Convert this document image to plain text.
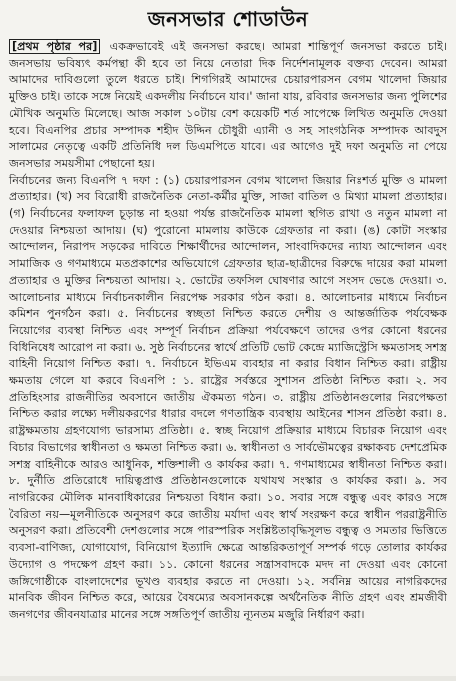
জনসভার শোডাউন

[প্রথম পৃষ্ঠার পর] একক্রভাবেই এই জনসভা করছে। আমরা শান্তিপূর্ণ জনসভা করতে চাই। জনসভায় ভবিষ্যৎ কর্মপন্থা কী হবে তা নিয়ে নেতারা দিক নির্দেশনামূলক বক্তব্য দেবেন। আমরা আমাদের দাবিগুলো তুলে ধরতে চাই। শিগগিরই আমাদের চেয়ারপারসন বেগম খালেদা জিয়ার মুক্তিও চাই। তাকে সঙ্গে নিয়েই একদলীয় নির্বাচনে যাব।' জানা যায়, রবিবার জনসভার জন্য পুলিশের মৌখিক অনুমতি মিলেছে। আজ সকাল ১০টায় বেশ কয়েকটি শর্ত সাপেক্ষে লিখিত অনুমতি দেওয়া হবে। বিএনপির প্রচার সম্পাদক শহীদ উদ্দিন চৌধুরী এ্যানী ও সহ সাংগঠনিক সম্পাদক আবদুস সালামের নেতৃত্বে একটি প্রতিনিধি দল ডিএমপিতে যাবে। এর আগেও দুই দফা অনুমতি না পেয়ে জনসভার সময়সীমা পেছানো হয়।

নির্বাচনের জন্য বিএনপি ৭ দফা : (১) চেয়ারপারসন বেগম খালেদা জিয়ার নিঃশর্ত মুক্তি ও মামলা প্রত্যাহার। (খ) সব বিরোধী রাজনৈতিক নেতা-কর্মীর মুক্তি, সাজা বাতিল ও মিথ্যা মামলা প্রত্যাহার। (গ) নির্বাচনের ফলাফল চূড়ান্ত না হওয়া পর্যন্ত রাজনৈতিক মামলা স্থগিত রাখা ও নতুন মামলা না দেওয়ার নিশ্চয়তা আদায়। (ঘ) পুরোনো মামলায় কাউকে গ্রেফতার না করা। (ঙ) কোটা সংস্কার আন্দোলন, নিরাপদ সড়কের দাবিতে শিক্ষার্থীদের আন্দোলন, সাংবাদিকদের ন্যায্য আন্দোলন এবং সামাজিক ও গণমাধ্যমে মতপ্রকাশের অভিযোগে গ্রেফতার ছাত্র-ছাত্রীদের বিরুদ্ধে দায়ের করা মামলা প্রত্যাহার ও মুক্তির নিশ্চয়তা আদায়। ২. ভোটের তফসিল ঘোষণার আগে সংসদ ভেঙে দেওয়া। ৩. আলোচনার মাধ্যমে নির্বাচনকালীন নিরপেক্ষ সরকার গঠন করা। ৪. আলোচনার মাধ্যমে নির্বাচন কমিশন পুনর্গঠন করা। ৫. নির্বাচনের স্বচ্ছতা নিশ্চিত করতে দেশীয় ও আন্তর্জাতিক পর্যবেক্ষক নিয়োগের ব্যবস্থা নিশ্চিত এবং সম্পূর্ণ নির্বাচন প্রক্রিয়া পর্যবেক্ষণে তাদের ওপর কোনো ধরনের বিধিনিষেধ আরোপ না করা। ৬. সুষ্ঠ নির্বাচনের স্বার্থে প্রতিটি ভোট কেন্দ্রে ম্যাজিস্ট্রেসি ক্ষমতাসহ সশস্ত্র বাহিনী নিয়োগ নিশ্চিত করা। ৭. নির্বাচনে ইভিএম ব্যবহার না করার বিধান নিশ্চিত করা। রাষ্ট্রীয় ক্ষমতায় গেলে যা করবে বিএনপি : ১. রাষ্ট্রের সর্বস্তরে সুশাসন প্রতিষ্ঠা নিশ্চিত করা। ২. সব প্রতিহিংসার রাজনীতির অবসানে জাতীয় ঐকমত্য গঠন। ৩. রাষ্ট্রীয় প্রতিষ্ঠানগুলোর নিরপেক্ষতা নিশ্চিত করার লক্ষ্যে দলীয়করণের ধারার বদলে গণতান্ত্রিক ব্যবস্থায় আইনের শাসন প্রতিষ্ঠা করা। ৪. রাষ্ট্রক্ষমতায় গ্রহণযোগ্য ভারসাম্য প্রতিষ্ঠা। ৫. স্বচ্ছ নিয়োগ প্রক্রিয়ার মাধ্যমে বিচারক নিয়োগ এবং বিচার বিভাগের স্বাধীনতা ও ক্ষমতা নিশ্চিত করা। ৬. স্বাধীনতা ও সার্বভৌমত্বের রক্ষাকবচ দেশপ্রেমিক সশস্ত্র বাহিনীকে আরও আধুনিক, শক্তিশালী ও কার্যকর করা। ৭. গণমাধ্যমের স্বাধীনতা নিশ্চিত করা। ৮. দুর্নীতি প্রতিরোধে দায়িত্বপ্রাপ্ত প্রতিষ্ঠানগুলোকে যথাযথ সংস্কার ও কার্যকর করা। ৯. সব নাগরিকের মৌলিক মানবাধিকারের নিশ্চয়তা বিধান করা। ১০. সবার সঙ্গে বন্ধুত্ব এবং কারও সঙ্গে বৈরিতা নয়—মূলনীতিকে অনুসরণ করে জাতীয় মর্যাদা এবং স্বার্থ সংরক্ষণ করে স্বাধীন পররাষ্ট্রনীতি অনুসরণ করা। প্রতিবেশী দেশগুলোর সঙ্গে পারস্পরিক সংশ্লিষ্টতাবৃদ্ধিসূলভ বন্ধুত্ব ও সমতার ভিত্তিতে ব্যবসা-বাণিজ্য, যোগাযোগ, বিনিয়োগ ইত্যাদি ক্ষেত্রে আন্তরিকতাপূর্ণ সম্পর্ক গড়ে তোলার কার্যকর উদ্যোগ ও পদক্ষেপ গ্রহণ করা। ১১. কোনো ধরনের সন্ত্রাসবাদকে মদদ না দেওয়া এবং কোনো জঙ্গিগোষ্ঠীকে বাংলাদেশের ভূখণ্ড ব্যবহার করতে না দেওয়া। ১২. সর্বনিম্ন আয়ের নাগরিকদের মানবিক জীবন নিশ্চিত করে, আয়ের বৈষম্যের অবসানকল্পে অর্থনৈতিক নীতি গ্রহণ এবং শ্রমজীবী জনগণের জীবনযাত্রার মানের সঙ্গে সঙ্গতিপূর্ণ জাতীয় ন্যূনতম মজুরি নির্ধারণ করা।
